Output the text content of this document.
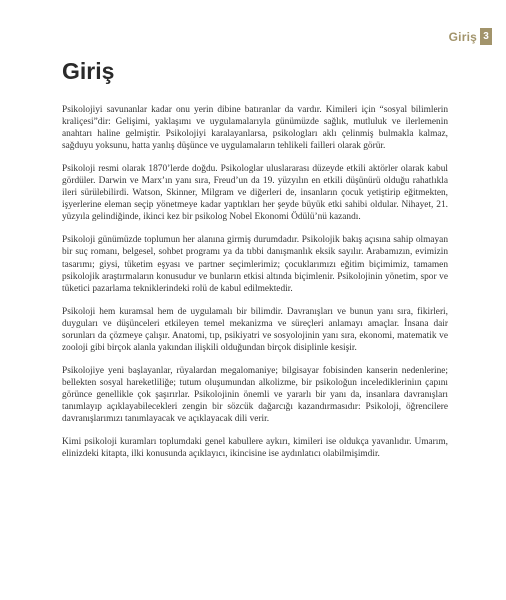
Giriş 3
Giriş

Psikolojiyi savunanlar kadar onu yerin dibine batıranlar da vardır. Kimileri için “sosyal bilimlerin kraliçesi”dir: Gelişimi, yaklaşımı ve uygulamalarıyla günümüzde sağlık, mutluluk ve ilerlemenin anahtarı haline gelmiştir. Psikolojiyi karalayanlarsa, psikologları aklı çelinmiş bulmakla kalmaz, sağduyu yoksunu, hatta yanlış düşünce ve uygulamaların tehlikeli failleri olarak görür.

Psikoloji resmi olarak 1870’lerde doğdu. Psikologlar uluslararası düzeyde etkili aktörler olarak kabul gördüler. Darwin ve Marx’ın yanı sıra, Freud’un da 19. yüzyılın en etkili düşünürü olduğu rahatlıkla ileri sürülebilirdi. Watson, Skinner, Milgram ve diğerleri de, insanların çocuk yetiştirip eğitmekten, işyerlerine eleman seçip yönetmeye kadar yaptıkları her şeyde büyük etki sahibi oldular. Nihayet, 21. yüzyıla gelindiğinde, ikinci kez bir psikolog Nobel Ekonomi Ödülü’nü kazandı.

Psikoloji günümüzde toplumun her alanına girmiş durumdadır. Psikolojik bakış açısına sahip olmayan bir suç romanı, belgesel, sohbet programı ya da tıbbi danışmanlık eksik sayılır. Arabamızın, evimizin tasarımı; giysi, tüketim eşyası ve partner seçimlerimiz; çocuklarımızı eğitim biçimimiz, tamamen psikolojik araştırmaların konusudur ve bunların etkisi altında biçimlenir. Psikolojinin yönetim, spor ve tüketici pazarlama tekniklerindeki rolü de kabul edilmektedir.

Psikoloji hem kuramsal hem de uygulamalı bir bilimdir. Davranışları ve bunun yanı sıra, fikirleri, duyguları ve düşünceleri etkileyen temel mekanizma ve süreçleri anlamayı amaçlar. İnsana dair sorunları da çözmeye çalışır. Anatomi, tıp, psikiyatri ve sosyolojinin yanı sıra, ekonomi, matematik ve zooloji gibi birçok alanla yakından ilişkili olduğundan birçok disiplinle kesişir.

Psikolojiye yeni başlayanlar, rüyalardan megalomaniye; bilgisayar fobisinden kanserin nedenlerine; bellekten sosyal hareketliliğe; tutum oluşumundan alkolizme, bir psikoloğun inceledikleriniın çapını görünce genellikle çok şaşırırlar. Psikolojinin önemli ve yararlı bir yanı da, insanlara davranışları tanımlayıp açıklayabilecekleri zengin bir sözcük dağarcığı kazandırmasıdır: Psikoloji, öğrencilere davranışlarımızı tanımlayacak ve açıklayacak dili verir.

Kimi psikoloji kuramları toplumdaki genel kabullere aykırı, kimileri ise oldukça yavanlıdır. Umarım, elinizdeki kitapta, ilki konusunda açıklayıcı, ikincisine ise aydınlatıcı olabilmişimdir.
